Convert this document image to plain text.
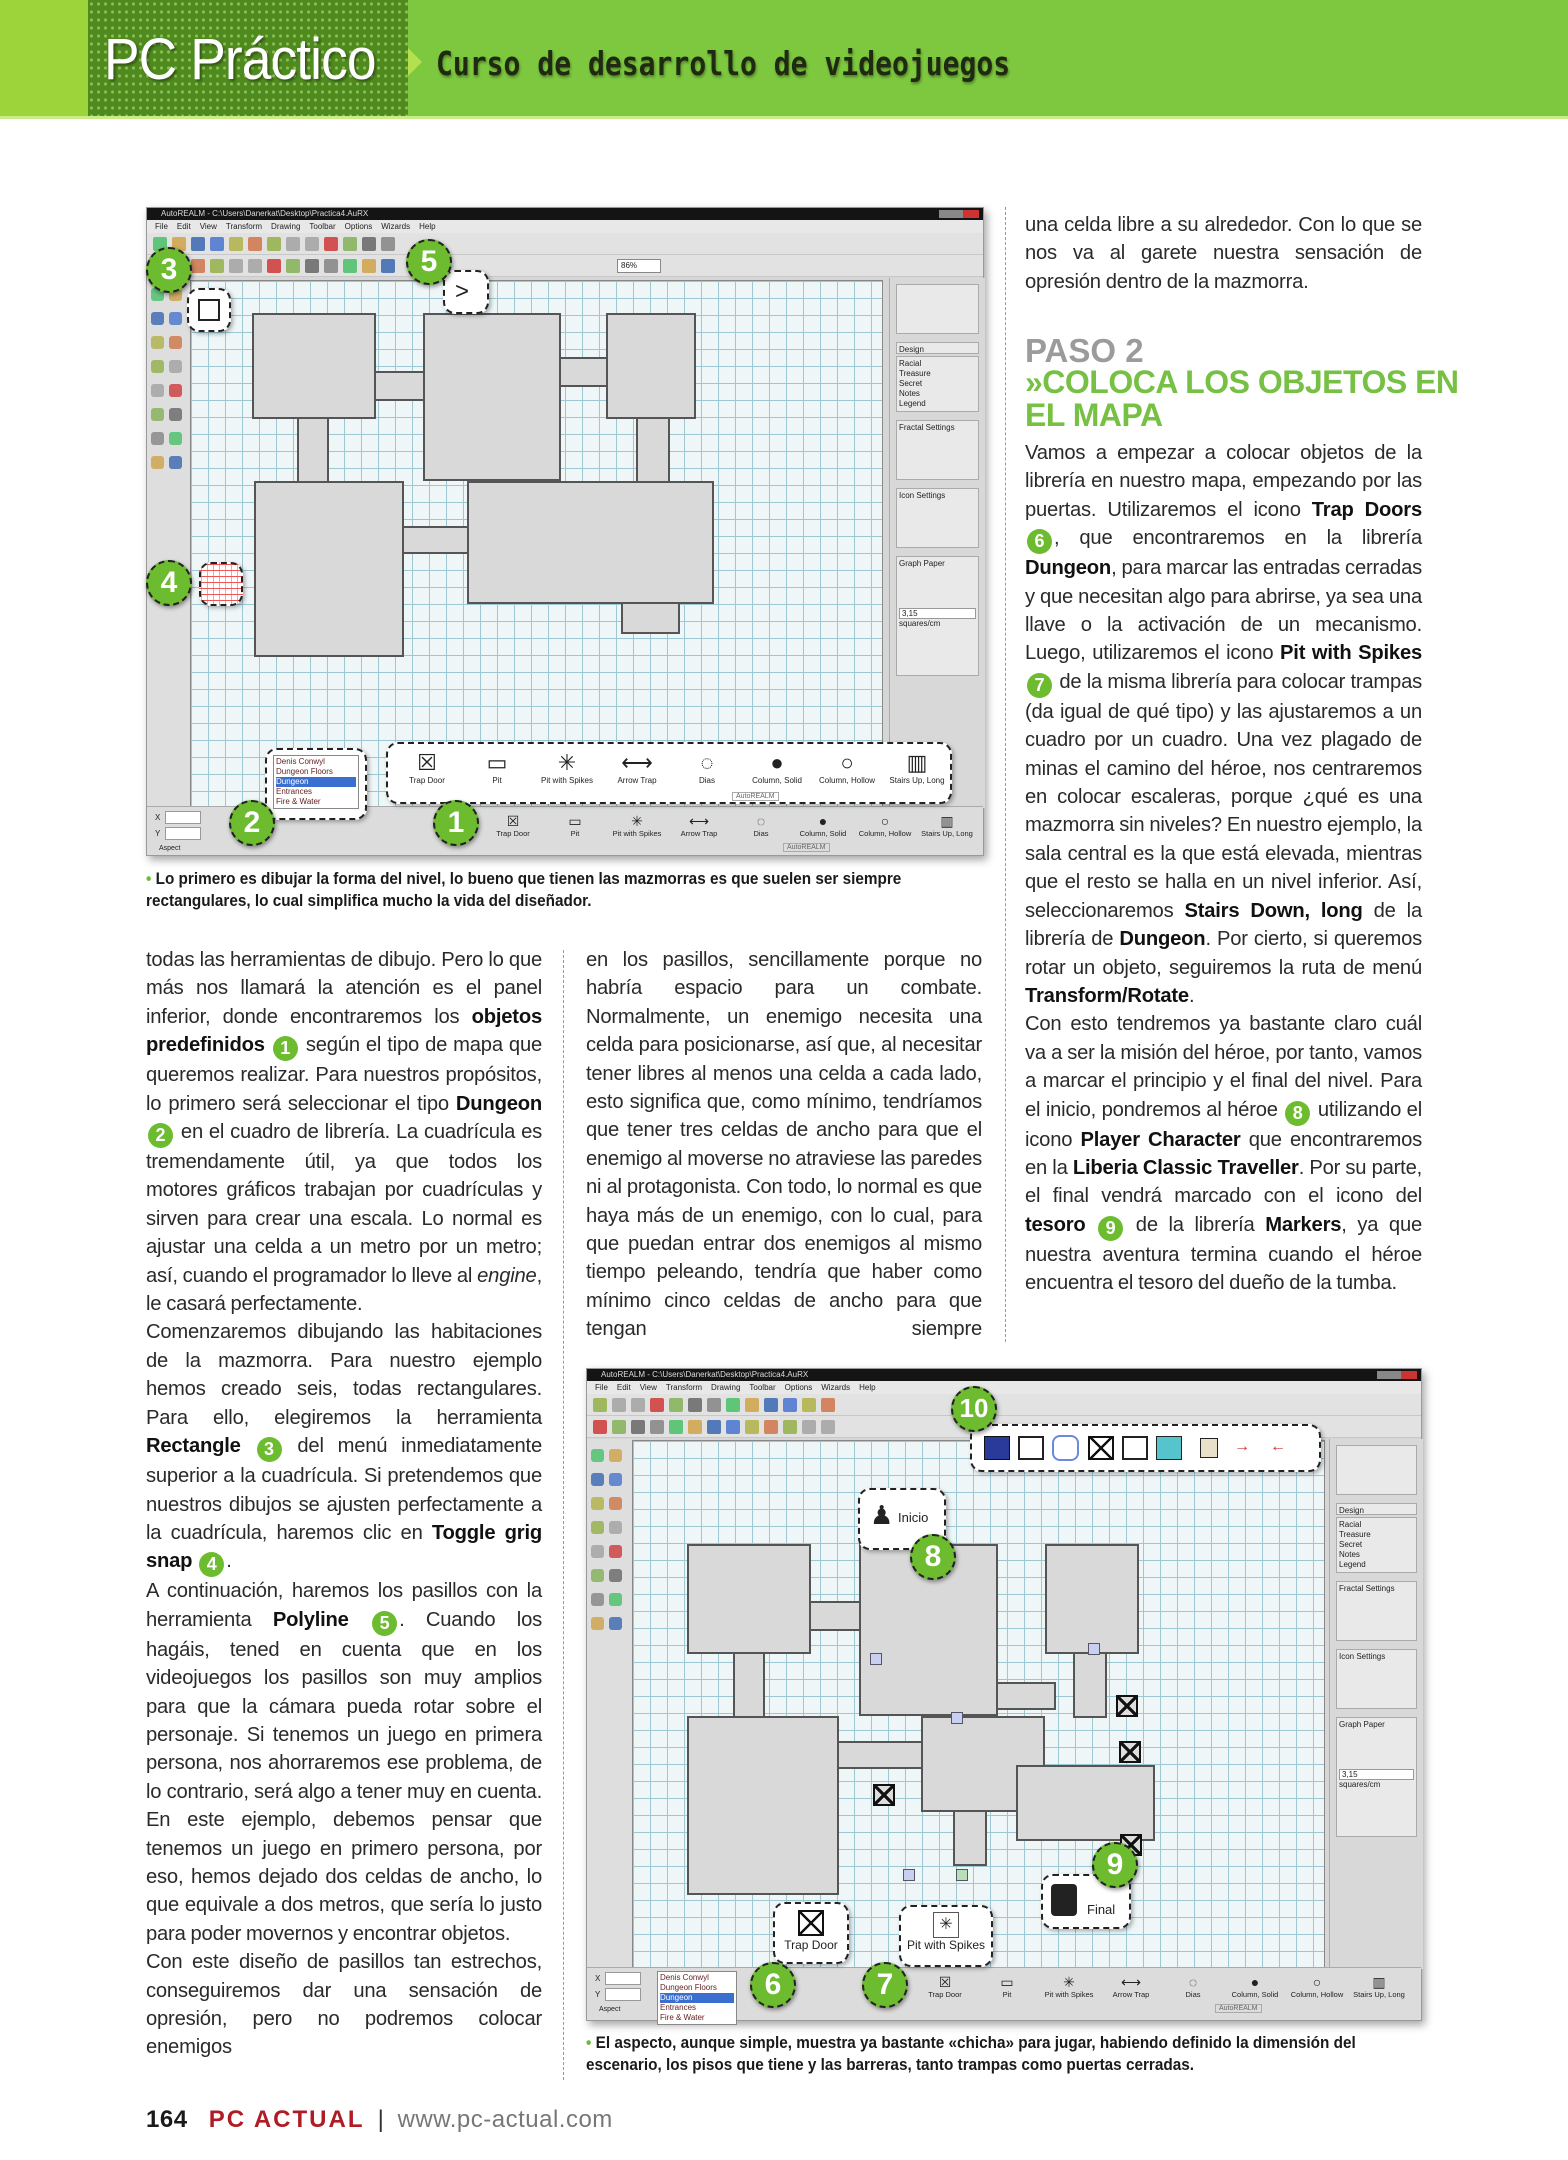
PC Práctico Curso de desarrollo de videojuegos
AutoREALM - C:\Users\Danerkat\Desktop\Practica4.AuRX
File Edit View Transform Drawing Toolbar Options Wizards Help
86%
Design
Racial
Treasure
Secret
Notes
Legend
Fractal Settings
Icon Settings
Graph Paper
3,15
squares/cm
☒
Trap Door
▭
Pit
✳
Pit with Spikes
⟷
Arrow Trap
◌
Dias
●
Column, Solid
○
Column, Hollow
▥
Stairs Up, Long
AutoREALM
X
Y
Aspect
>
Denis Conwyl
Dungeon Floors
Dungeon
Entrances
Fire & Water
☒
Trap Door
▭
Pit
✳
Pit with Spikes
⟷
Arrow Trap
◌
Dias
●
Column, Solid
○
Column, Hollow
▥
Stairs Up, Long
AutoREALM
3	5
4
2	1
• Lo primero es dibujar la forma del nivel, lo bueno que tienen las mazmorras es que suelen ser siempre rectangulares, lo cual simplifica mucho la vida del diseñador.

todas las herramientas de dibujo. Pero lo que más nos llamará la atención es el panel inferior, donde encontraremos los objetos predefinidos 1 según el tipo de mapa que queremos realizar. Para nuestros propósitos, lo primero será seleccionar el tipo Dungeon 2 en el cuadro de librería. La cuadrícula es tremendamente útil, ya que todos los motores gráficos trabajan por cuadrículas y sirven para crear una escala. Lo normal es ajustar una celda a un metro por un metro; así, cuando el programador lo lleve al engine, le casará perfectamente.

Comenzaremos dibujando las habitaciones de la mazmorra. Para nuestro ejemplo hemos creado seis, todas rectangulares. Para ello, elegiremos la herramienta Rectangle 3 del menú inmediatamente superior a la cuadrícula. Si pretendemos que nuestros dibujos se ajusten perfectamente a la cuadrícula, haremos clic en Toggle grig snap 4 .

A continuación, haremos los pasillos con la herramienta Polyline 5 . Cuando los hagáis, tened en cuenta que en los videojuegos los pasillos son muy amplios para que la cámara pueda rotar sobre el personaje. Si tenemos un juego en primera persona, nos ahorraremos ese problema, de lo contrario, será algo a tener muy en cuenta. En este ejemplo, debemos pensar que tenemos un juego en primero persona, por eso, hemos dejado dos celdas de ancho, lo que equivale a dos metros, que sería lo justo para poder movernos y encontrar objetos.

Con este diseño de pasillos tan estrechos, conseguiremos dar una sensación de opresión, pero no podremos colocar enemigos

en los pasillos, sencillamente porque no habría espacio para un combate. Normalmente, un enemigo necesita una celda para posicionarse, así que, al necesitar tener libres al menos una celda a cada lado, esto significa que, como mínimo, tendríamos que tener tres celdas de ancho para que el enemigo al moverse no atraviese las paredes ni al protagonista. Con todo, lo normal es que haya más de un enemigo, con lo cual, para que puedan entrar dos enemigos al mismo tiempo peleando, tendría que haber como mínimo cinco celdas de ancho para que tengan siempre

una celda libre a su alrededor. Con lo que se nos va al garete nuestra sensación de opresión dentro de la mazmorra.

PASO 2
»COLOCA LOS OBJETOS EN EL MAPA

Vamos a empezar a colocar objetos de la librería en nuestro mapa, empezando por las puertas. Utilizaremos el icono Trap Doors 6 , que encontraremos en la librería Dungeon, para marcar las entradas cerradas y que necesitan algo para abrirse, ya sea una llave o la activación de un mecanismo. Luego, utilizaremos el icono Pit with Spikes 7 de la misma librería para colocar trampas (da igual de qué tipo) y las ajustaremos a un cuadro por un cuadro. Una vez plagado de minas el camino del héroe, nos centraremos en colocar escaleras, porque ¿qué es una mazmorra sin niveles? En nuestro ejemplo, la sala central es la que está elevada, mientras que el resto se halla en un nivel inferior. Así, seleccionaremos Stairs Down, long de la librería de Dungeon. Por cierto, si queremos rotar un objeto, seguiremos la ruta de menú Transform/Rotate.

Con esto tendremos ya bastante claro cuál va a ser la misión del héroe, por tanto, vamos a marcar el principio y el final del nivel. Para el inicio, pondremos al héroe 8 utilizando el icono Player Character que encontraremos en la Liberia Classic Traveller. Por su parte, el final vendrá marcado con el icono del tesoro 9 de la librería Markers, ya que nuestra aventura termina cuando el héroe encuentra el tesoro del dueño de la tumba.

AutoREALM - C:\Users\Danerkat\Desktop\Practica4.AuRX
File Edit View Transform Drawing Toolbar Options Wizards Help
Design
Racial
Treasure
Secret
Notes
Legend
Fractal Settings
Icon Settings
Graph Paper
3,15
squares/cm
Denis Conwyl
Dungeon Floors
Dungeon
Entrances
Fire & Water
☒
Trap Door
▭
Pit
✳
Pit with Spikes
⟷
Arrow Trap
◌
Dias
●
Column, Solid
○
Column, Hollow
▥
Stairs Up, Long
AutoREALM
X
Y
Aspect
→ ←
♟ Inicio
Final
Trap Door
✳
Pit with Spikes
10
8
9
6	7
• El aspecto, aunque simple, muestra ya bastante «chicha» para jugar, habiendo definido la dimensión del escenario, los pisos que tiene y las barreras, tanto trampas como puertas cerradas.
164 PC ACTUAL | www.pc-actual.com
